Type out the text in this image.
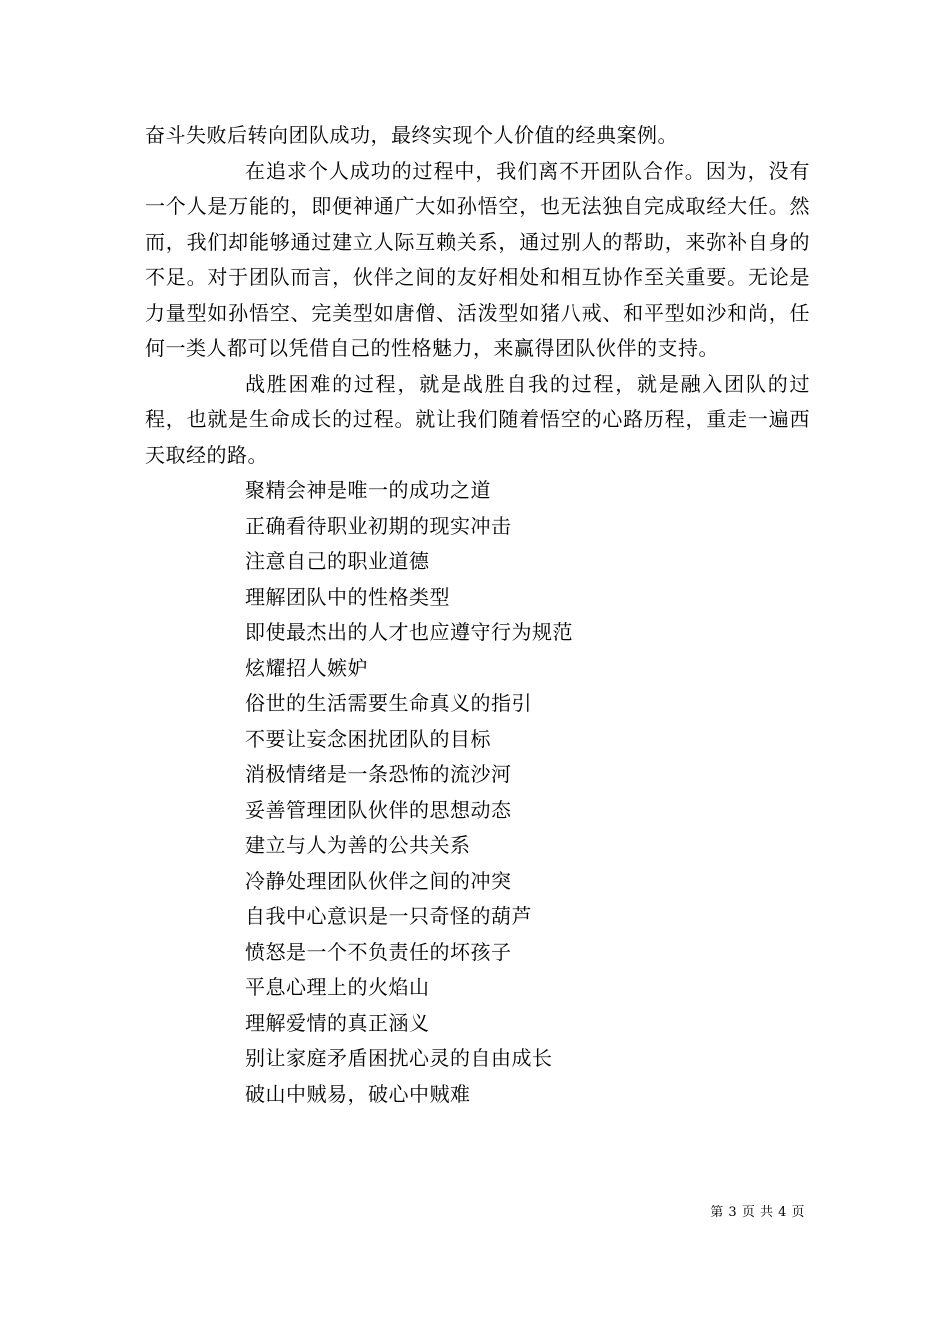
奋斗失败后转向团队成功，最终实现个人价值的经典案例。

在追求个人成功的过程中，我们离不开团队合作。因为，没有一个人是万能的，即便神通广大如孙悟空，也无法独自完成取经大任。然而，我们却能够通过建立人际互赖关系，通过别人的帮助，来弥补自身的不足。对于团队而言，伙伴之间的友好相处和相互协作至关重要。无论是力量型如孙悟空、完美型如唐僧、活泼型如猪八戒、和平型如沙和尚，任何一类人都可以凭借自己的性格魅力，来赢得团队伙伴的支持。

战胜困难的过程，就是战胜自我的过程，就是融入团队的过程，也就是生命成长的过程。就让我们随着悟空的心路历程，重走一遍西天取经的路。

聚精会神是唯一的成功之道
正确看待职业初期的现实冲击
注意自己的职业道德
理解团队中的性格类型
即使最杰出的人才也应遵守行为规范
炫耀招人嫉妒
俗世的生活需要生命真义的指引
不要让妄念困扰团队的目标
消极情绪是一条恐怖的流沙河
妥善管理团队伙伴的思想动态
建立与人为善的公共关系
冷静处理团队伙伴之间的冲突
自我中心意识是一只奇怪的葫芦
愤怒是一个不负责任的坏孩子
平息心理上的火焰山
理解爱情的真正涵义
别让家庭矛盾困扰心灵的自由成长
破山中贼易，破心中贼难
第 3 页 共 4 页
